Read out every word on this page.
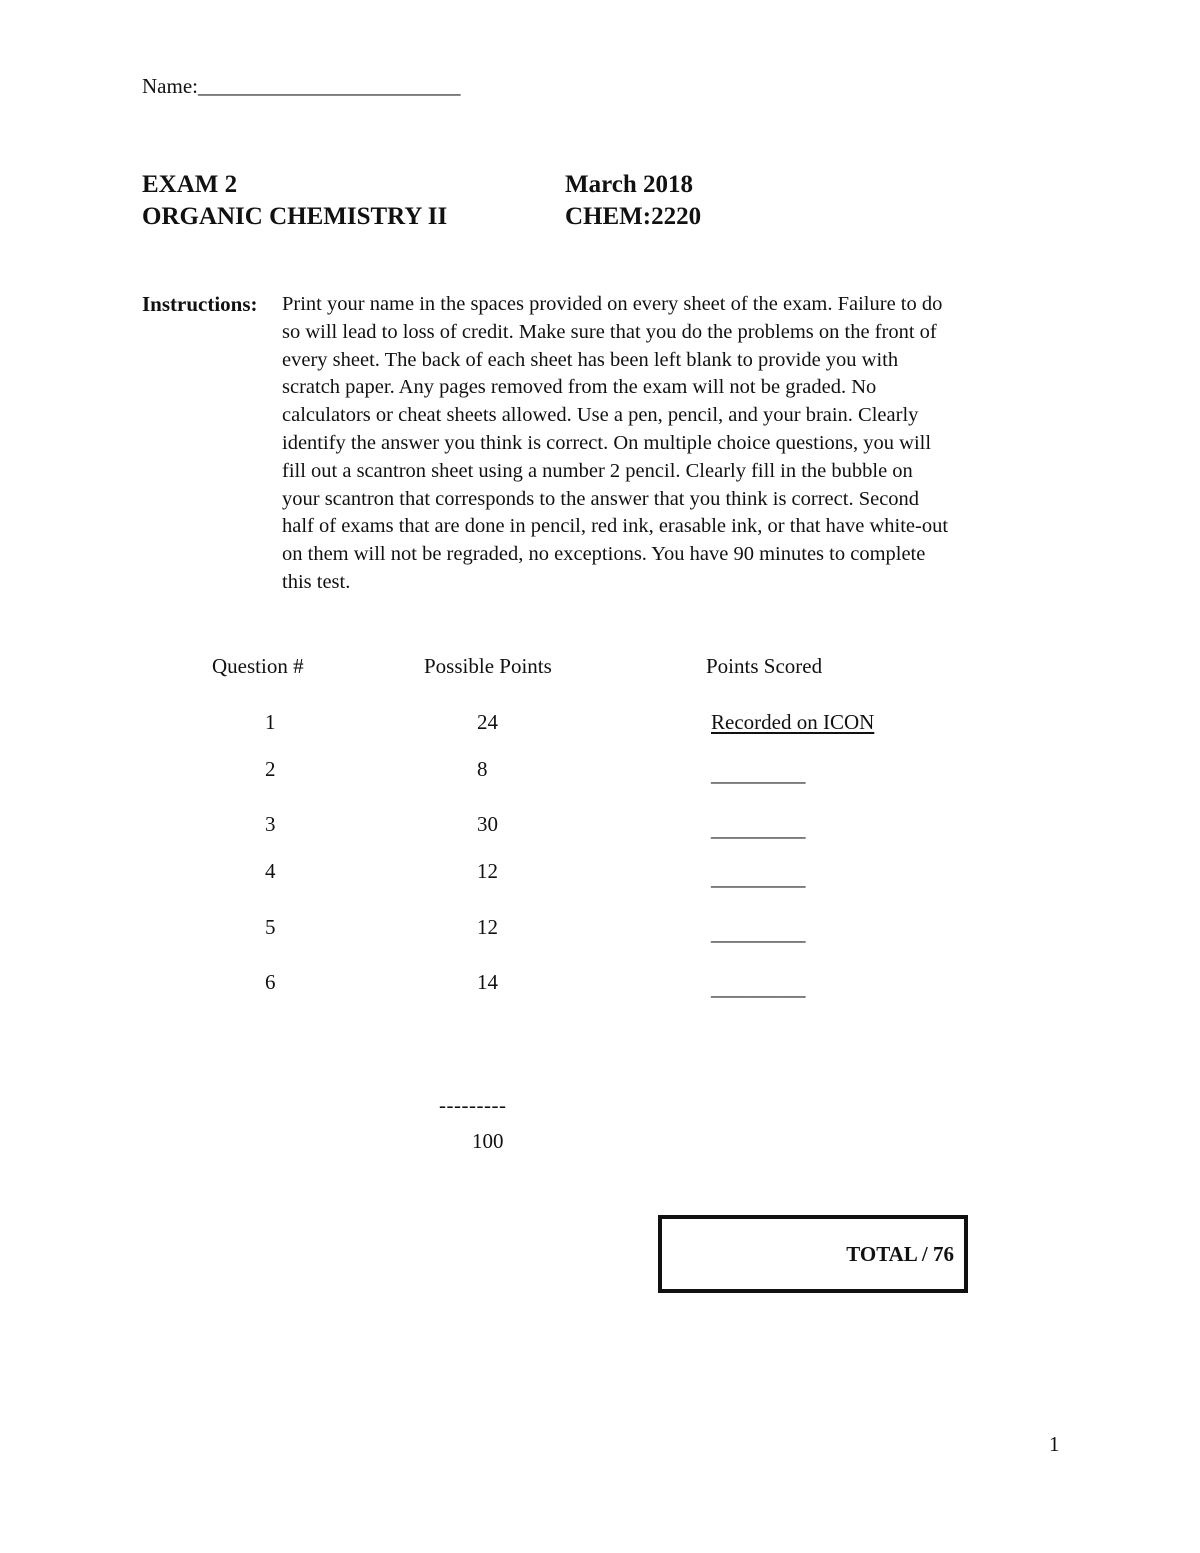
Name:_________________________
EXAM 2	March 2018
ORGANIC CHEMISTRY II	CHEM:2220
Instructions: Print your name in the spaces provided on every sheet of the exam. Failure to do
so will lead to loss of credit. Make sure that you do the problems on the front of
every sheet. The back of each sheet has been left blank to provide you with
scratch paper. Any pages removed from the exam will not be graded. No
calculators or cheat sheets allowed. Use a pen, pencil, and your brain. Clearly
identify the answer you think is correct. On multiple choice questions, you will
fill out a scantron sheet using a number 2 pencil. Clearly fill in the bubble on
your scantron that corresponds to the answer that you think is correct. Second
half of exams that are done in pencil, red ink, erasable ink, or that have white-out
on them will not be regraded, no exceptions. You have 90 minutes to complete
this test.
Question #	Possible Points	Points Scored
1	24	Recorded on ICON
2	8	_________
3	30	_________
4	12	_________
5	12	_________
6	14	_________
---------
100
TOTAL / 76
1
